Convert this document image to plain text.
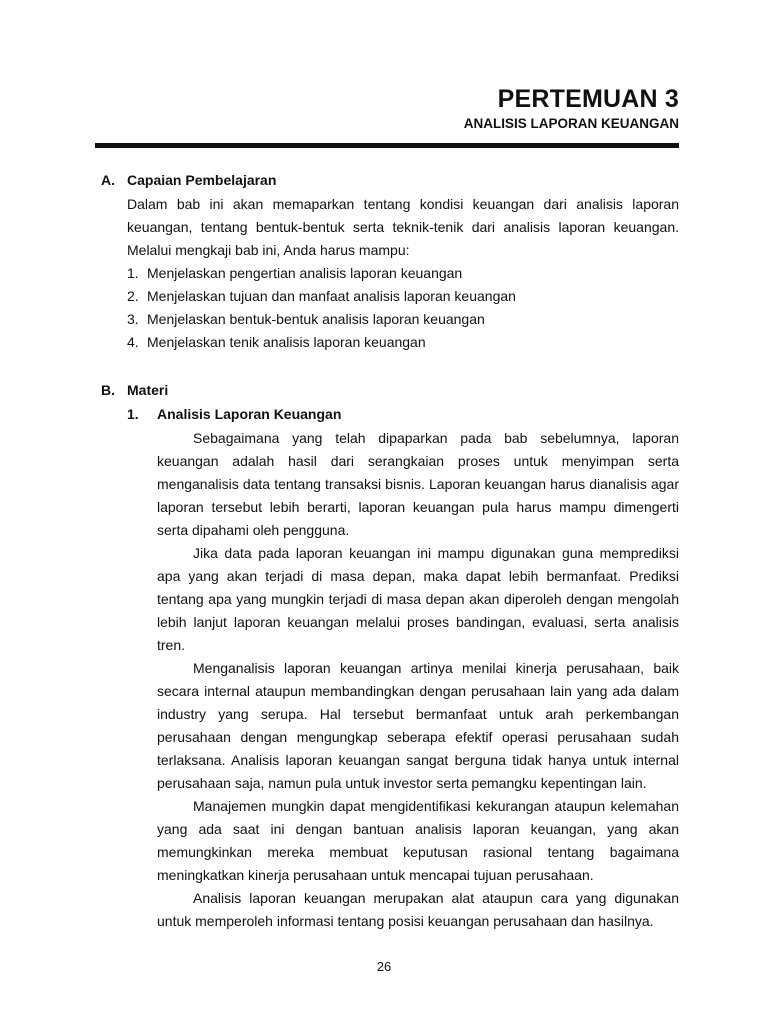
PERTEMUAN 3
ANALISIS LAPORAN KEUANGAN
A. Capaian Pembelajaran
Dalam bab ini akan memaparkan tentang kondisi keuangan dari analisis laporan keuangan, tentang bentuk-bentuk serta teknik-tenik dari analisis laporan keuangan. Melalui mengkaji bab ini, Anda harus mampu:
1. Menjelaskan pengertian analisis laporan keuangan
2. Menjelaskan tujuan dan manfaat analisis laporan keuangan
3. Menjelaskan bentuk-bentuk analisis laporan keuangan
4. Menjelaskan tenik analisis laporan keuangan
B. Materi
1. Analisis Laporan Keuangan

Sebagaimana yang telah dipaparkan pada bab sebelumnya, laporan keuangan adalah hasil dari serangkaian proses untuk menyimpan serta menganalisis data tentang transaksi bisnis. Laporan keuangan harus dianalisis agar laporan tersebut lebih berarti, laporan keuangan pula harus mampu dimengerti serta dipahami oleh pengguna.

Jika data pada laporan keuangan ini mampu digunakan guna memprediksi apa yang akan terjadi di masa depan, maka dapat lebih bermanfaat. Prediksi tentang apa yang mungkin terjadi di masa depan akan diperoleh dengan mengolah lebih lanjut laporan keuangan melalui proses bandingan, evaluasi, serta analisis tren.

Menganalisis laporan keuangan artinya menilai kinerja perusahaan, baik secara internal ataupun membandingkan dengan perusahaan lain yang ada dalam industry yang serupa. Hal tersebut bermanfaat untuk arah perkembangan perusahaan dengan mengungkap seberapa efektif operasi perusahaan sudah terlaksana. Analisis laporan keuangan sangat berguna tidak hanya untuk internal perusahaan saja, namun pula untuk investor serta pemangku kepentingan lain.

Manajemen mungkin dapat mengidentifikasi kekurangan ataupun kelemahan yang ada saat ini dengan bantuan analisis laporan keuangan, yang akan memungkinkan mereka membuat keputusan rasional tentang bagaimana meningkatkan kinerja perusahaan untuk mencapai tujuan perusahaan.

Analisis laporan keuangan merupakan alat ataupun cara yang digunakan untuk memperoleh informasi tentang posisi keuangan perusahaan dan hasilnya.

26
